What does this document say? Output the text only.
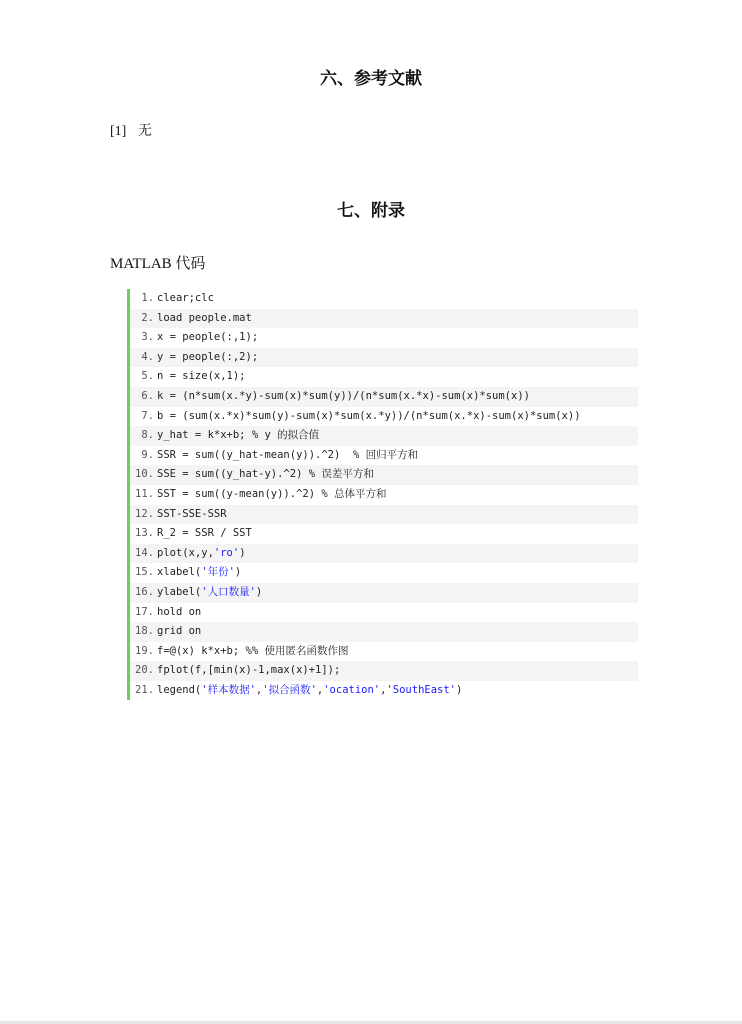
六、参考文献
[1] 无
七、附录
MATLAB 代码
1. clear;clc
2. load people.mat
3. x = people(:,1);
4. y = people(:,2);
5. n = size(x,1);
6. k = (n*sum(x.*y)-sum(x)*sum(y))/(n*sum(x.*x)-sum(x)*sum(x))
7. b = (sum(x.*x)*sum(y)-sum(x)*sum(x.*y))/(n*sum(x.*x)-sum(x)*sum(x))
8. y_hat = k*x+b; % y 的拟合值
9. SSR = sum((y_hat-mean(y)).^2)  % 回归平方和
10. SSE = sum((y_hat-y).^2) % 误差平方和
11. SST = sum((y-mean(y)).^2) % 总体平方和
12. SST-SSE-SSR
13. R_2 = SSR / SST
14. plot(x,y,'ro')
15. xlabel('年份')
16. ylabel('人口数量')
17. hold on
18. grid on
19. f=@(x) k*x+b; %% 使用匿名函数作图
20. fplot(f,[min(x)-1,max(x)+1]);
21. legend('样本数据','拟合函数','ocation','SouthEast')
